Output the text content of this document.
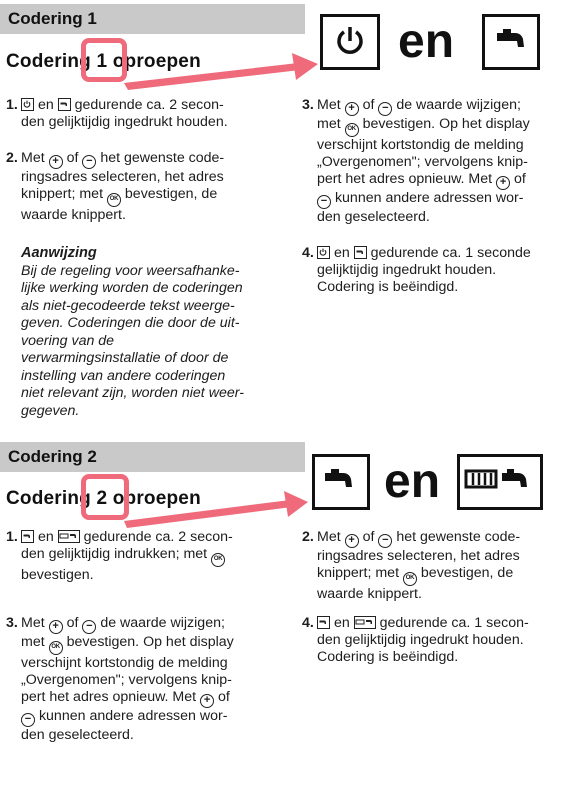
Codering 1
Codering 1 oproepen	en
1. en gedurende ca. 2 secon-
den gelijktijdig ingedrukt houden.
2. Met + of − het gewenste code-
ringsadres selecteren, het adres
knippert; met OK bevestigen, de
waarde knippert.
Aanwijzing
Bij de regeling voor weersafhanke-
lijke werking worden de coderingen
als niet-gecodeerde tekst weerge-
geven. Coderingen die door de uit-
voering van de
verwarmingsinstallatie of door de
instelling van andere coderingen
niet relevant zijn, worden niet weer-
gegeven.
3. Met + of − de waarde wijzigen;
met OK bevestigen. Op het display
verschijnt kortstondig de melding
„Overgenomen"; vervolgens knip-
pert het adres opnieuw. Met + of
− kunnen andere adressen wor-
den geselecteerd.
4. en gedurende ca. 1 seconde
gelijktijdig ingedrukt houden.
Codering is beëindigd.
Codering 2
Codering 2 oproepen	en
1. en gedurende ca. 2 secon-
den gelijktijdig indrukken; met OK
bevestigen.
3. Met + of − de waarde wijzigen;
met OK bevestigen. Op het display
verschijnt kortstondig de melding
„Overgenomen"; vervolgens knip-
pert het adres opnieuw. Met + of
− kunnen andere adressen wor-
den geselecteerd.
2. Met + of − het gewenste code-
ringsadres selecteren, het adres
knippert; met OK bevestigen, de
waarde knippert.
4. en gedurende ca. 1 secon-
den gelijktijdig ingedrukt houden.
Codering is beëindigd.
